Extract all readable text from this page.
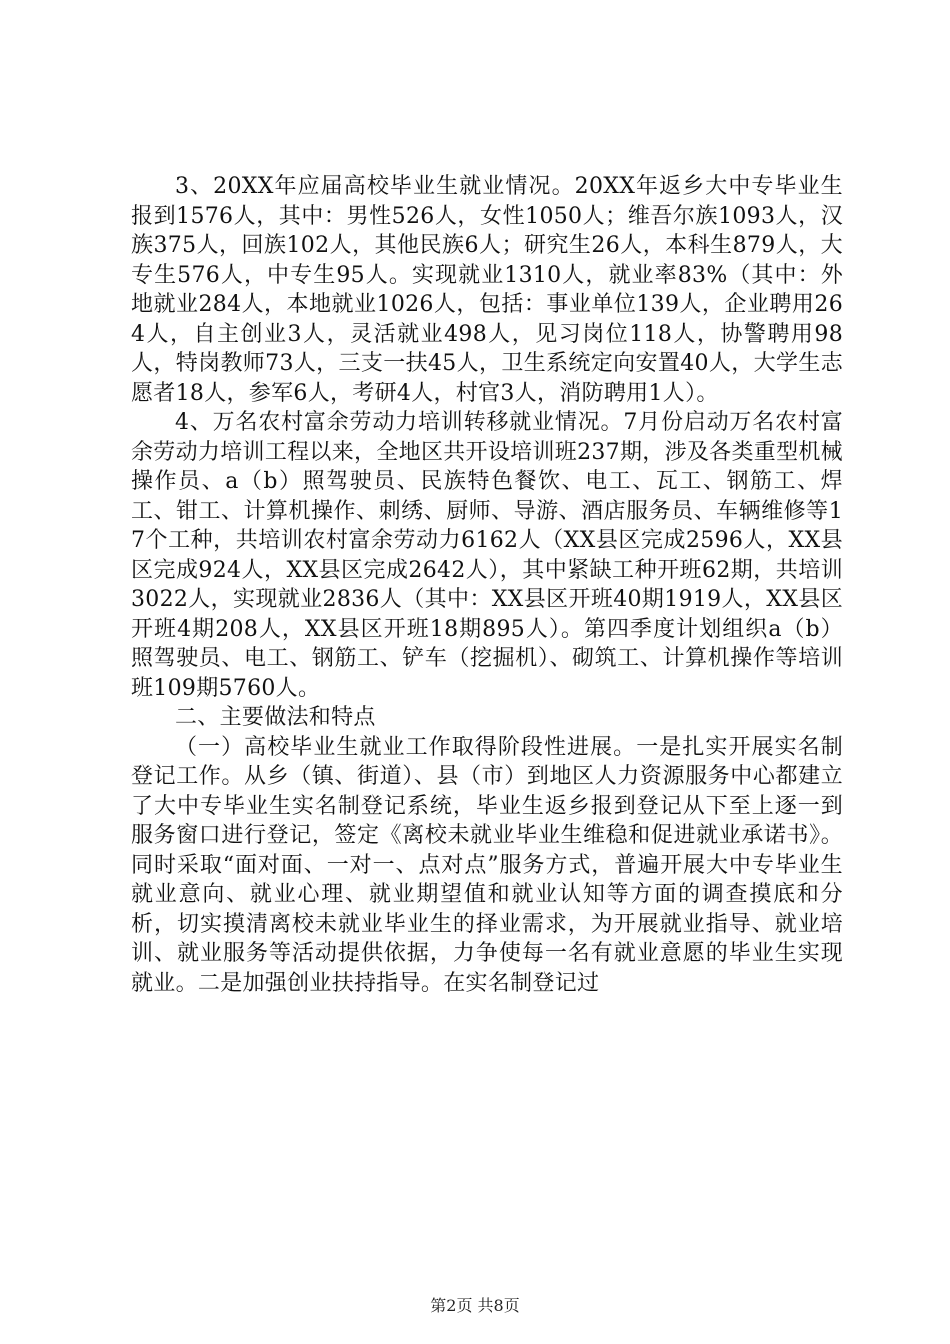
3、20XX年应届高校毕业生就业情况。20XX年返乡大中专毕业生报到1576人，其中：男性526人，女性1050人；维吾尔族1093人，汉族375人，回族102人，其他民族6人；研究生26人，本科生879人，大专生576人，中专生95人。实现就业1310人，就业率83%（其中：外地就业284人，本地就业1026人，包括：事业单位139人，企业聘用264人，自主创业3人，灵活就业498人，见习岗位118人，协警聘用98人，特岗教师73人，三支一扶45人，卫生系统定向安置40人，大学生志愿者18人，参军6人，考研4人，村官3人，消防聘用1人）。

4、万名农村富余劳动力培训转移就业情况。7月份启动万名农村富余劳动力培训工程以来，全地区共开设培训班237期，涉及各类重型机械操作员、a（b）照驾驶员、民族特色餐饮、电工、瓦工、钢筋工、焊工、钳工、计算机操作、刺绣、厨师、导游、酒店服务员、车辆维修等17个工种，共培训农村富余劳动力6162人（XX县区完成2596人，XX县区完成924人，XX县区完成2642人），其中紧缺工种开班62期，共培训3022人，实现就业2836人（其中：XX县区开班40期1919人，XX县区开班4期208人，XX县区开班18期895人）。第四季度计划组织a（b）照驾驶员、电工、钢筋工、铲车（挖掘机）、砌筑工、计算机操作等培训班109期5760人。

二、主要做法和特点

（一）高校毕业生就业工作取得阶段性进展。一是扎实开展实名制登记工作。从乡（镇、街道）、县（市）到地区人力资源服务中心都建立了大中专毕业生实名制登记系统，毕业生返乡报到登记从下至上逐一到服务窗口进行登记，签定《离校未就业毕业生维稳和促进就业承诺书》。同时采取“面对面、一对一、点对点”服务方式，普遍开展大中专毕业生就业意向、就业心理、就业期望值和就业认知等方面的调查摸底和分析，切实摸清离校未就业毕业生的择业需求，为开展就业指导、就业培训、就业服务等活动提供依据，力争使每一名有就业意愿的毕业生实现就业。二是加强创业扶持指导。在实名制登记过

第2页 共8页
